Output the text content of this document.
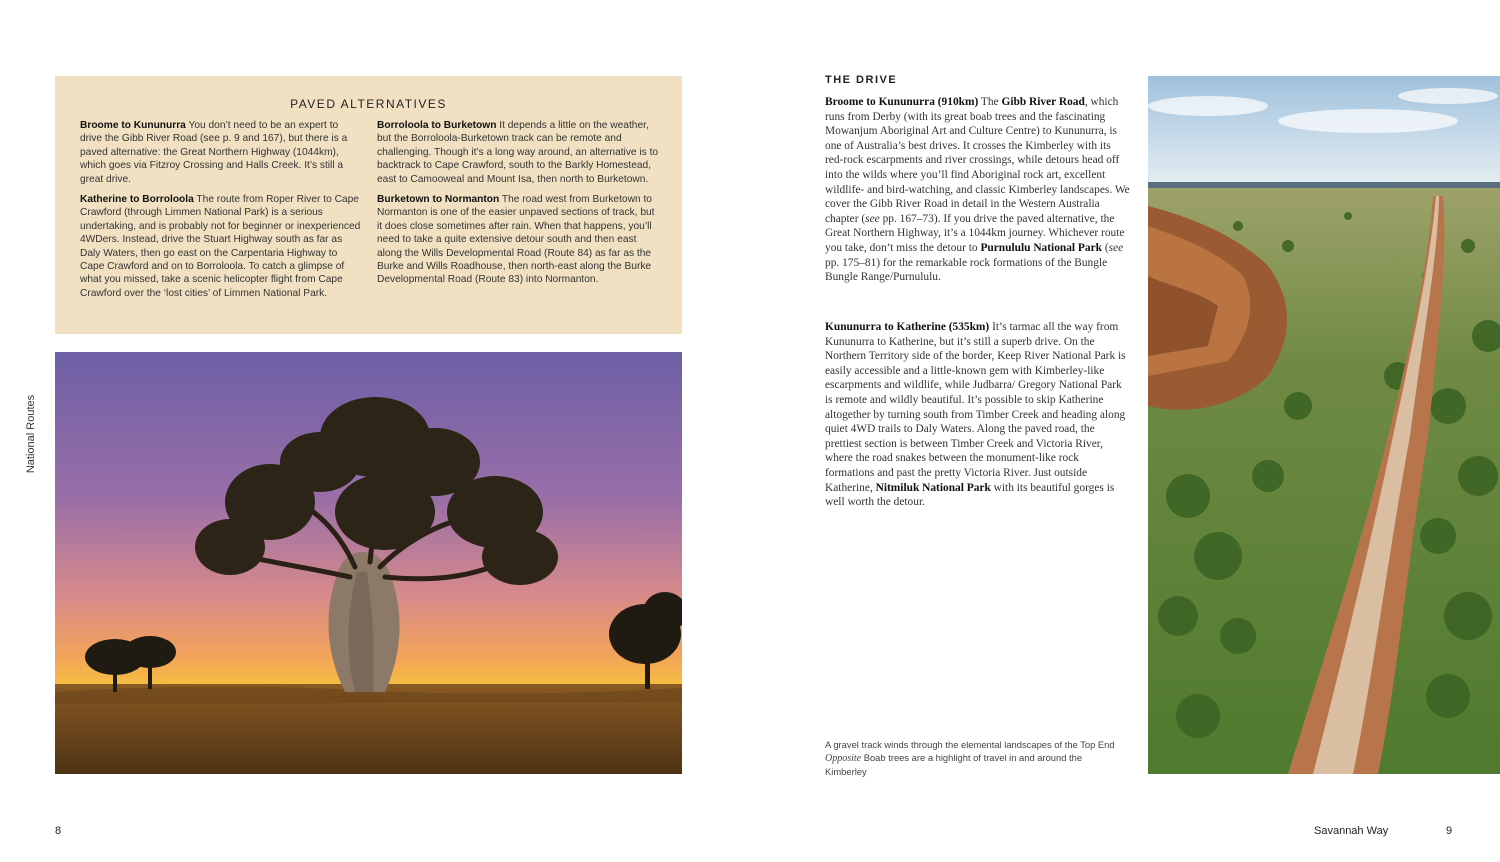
National Routes
PAVED ALTERNATIVES

Broome to Kununurra You don’t need to be an expert to drive the Gibb River Road (see p. 9 and 167), but there is a paved alternative: the Great Northern Highway (1044km), which goes via Fitzroy Crossing and Halls Creek. It’s still a great drive.

Katherine to Borroloola The route from Roper River to Cape Crawford (through Limmen National Park) is a serious undertaking, and is probably not for beginner or inexperienced 4WDers. Instead, drive the Stuart Highway south as far as Daly Waters, then go east on the Carpentaria Highway to Cape Crawford and on to Borroloola. To catch a glimpse of what you missed, take a scenic helicopter flight from Cape Crawford over the ‘lost cities’ of Limmen National Park.

Borroloola to Burketown It depends a little on the weather, but the Borroloola-Burketown track can be remote and challenging. Though it’s a long way around, an alternative is to backtrack to Cape Crawford, south to the Barkly Homestead, east to Camooweal and Mount Isa, then north to Burketown.

Burketown to Normanton The road west from Burketown to Normanton is one of the easier unpaved sections of track, but it does close sometimes after rain. When that happens, you’ll need to take a quite extensive detour south and then east along the Wills Developmental Road (Route 84) as far as the Burke and Wills Roadhouse, then north-east along the Burke Developmental Road (Route 83) into Normanton.

THE DRIVE
Broome to Kununurra (910km) The Gibb River Road, which runs from Derby (with its great boab trees and the fascinating Mowanjum Aboriginal Art and Culture Centre) to Kununurra, is one of Australia’s best drives. It crosses the Kimberley with its red-rock escarpments and river crossings, while detours head off into the wilds where you’ll find Aboriginal rock art, excellent wildlife- and bird-watching, and classic Kimberley landscapes. We cover the Gibb River Road in detail in the Western Australia chapter (see pp. 167–73). If you drive the paved alternative, the Great Northern Highway, it’s a 1044km journey. Whichever route you take, don’t miss the detour to Purnululu National Park (see pp. 175–81) for the remarkable rock formations of the Bungle Bungle Range/Purnululu.
Kununurra to Katherine (535km) It’s tarmac all the way from Kununurra to Katherine, but it’s still a superb drive. On the Northern Territory side of the border, Keep River National Park is easily accessible and a little-known gem with Kimberley-like escarpments and wildlife, while Judbarra/ Gregory National Park is remote and wildly beautiful. It’s possible to skip Katherine altogether by turning south from Timber Creek and heading along quiet 4WD trails to Daly Waters. Along the paved road, the prettiest section is between Timber Creek and Victoria River, where the road snakes between the monument-like rock formations and past the pretty Victoria River. Just outside Katherine, Nitmiluk National Park with its beautiful gorges is well worth the detour.
A gravel track winds through the elemental landscapes of the Top End Opposite Boab trees are a highlight of travel in and around the Kimberley
8	Savannah Way	9
